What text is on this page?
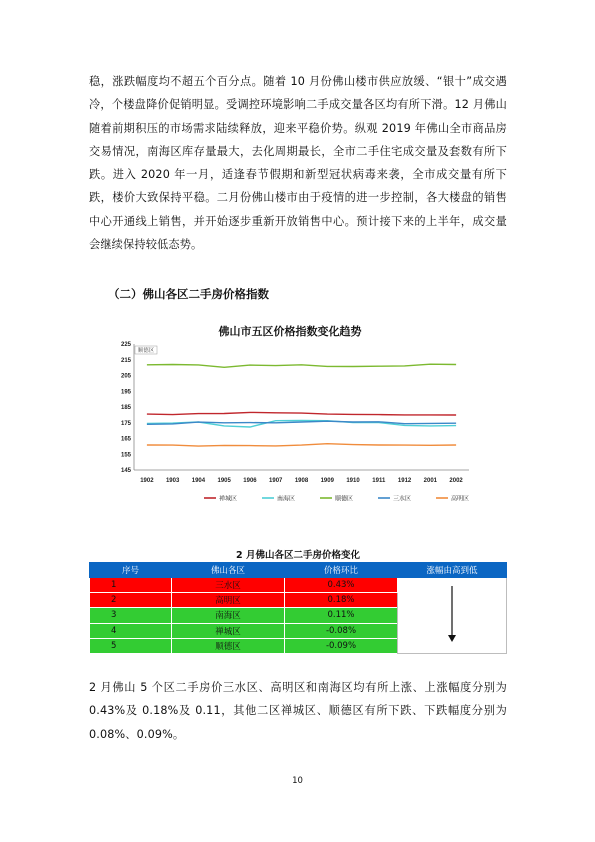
稳，涨跌幅度均不超五个百分点。随着 10 月份佛山楼市供应放缓、“银十”成交遇冷，个楼盘降价促销明显。受调控环境影响二手成交量各区均有所下滑。12 月佛山随着前期积压的市场需求陆续释放，迎来平稳价势。纵观 2019 年佛山全市商品房交易情况，南海区库存量最大，去化周期最长，全市二手住宅成交量及套数有所下跌。进入 2020 年一月，适逢春节假期和新型冠状病毒来袭，全市成交量有所下跌，楼价大致保持平稳。二月份佛山楼市由于疫情的进一步控制，各大楼盘的销售中心开通线上销售，并开始逐步重新开放销售中心。预计接下来的上半年，成交量会继续保持较低态势。

（二）佛山各区二手房价格指数

佛山市五区价格指数变化趋势
145
155
165
175
185
195
205
215
225
1902 1903 1904 1905 1906 1907 1908 1909 1910 1911 1912 2001 2002
顺德区
禅城区	南海区	顺德区	三水区	高明区

2 月佛山各区二手房价格变化

序号	佛山各区	价格环比	涨幅由高到低
1	三水区	0.43%	
2	高明区	0.18%	
3	南海区	0.11%	
4	禅城区	-0.08%	
5	顺德区	-0.09%	

2 月佛山 5 个区二手房价三水区、高明区和南海区均有所上涨、上涨幅度分别为 0.43%及 0.18%及 0.11，其他二区禅城区、顺德区有所下跌、下跌幅度分别为 0.08%、0.09%。

10
